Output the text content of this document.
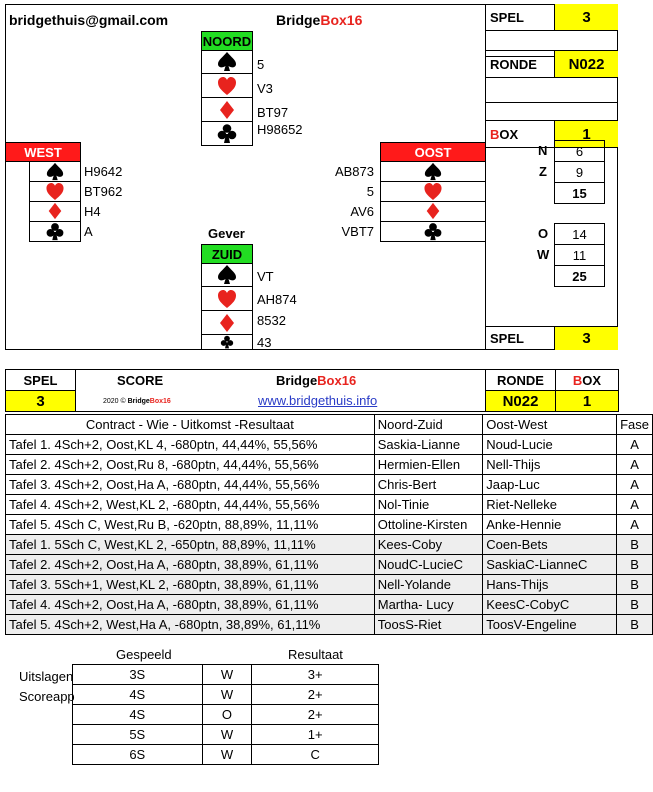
bridgethuis@gmail.com	BridgeBox16	SPEL	3
RONDE	N022
B OX	1
N	6
Z	9
15
O	14
W	11
25
SPEL	3
NOORD
5
V3
BT97
H98652
WEST
H9642
BT962
H4
A
OOST
AB873
5
AV6
VBT7
Gever
ZUID
VT
AH874
8532
43
SPEL
3
SCORE	BridgeBox16
2020 © BridgeBox16	www.bridgethuis.info
RONDE	B OX
N022	1
Contract - Wie - Uitkomst -Resultaat	Noord-Zuid	Oost-West	Fase
Tafel 1. 4Sch+2, Oost,KL 4, -680ptn, 44,44%, 55,56%	Saskia-Lianne	Noud-Lucie	A
Tafel 2. 4Sch+2, Oost,Ru 8, -680ptn, 44,44%, 55,56%	Hermien-Ellen	Nell-Thijs	A
Tafel 3. 4Sch+2, Oost,Ha A, -680ptn, 44,44%, 55,56%	Chris-Bert	Jaap-Luc	A
Tafel 4. 4Sch+2, West,KL 2, -680ptn, 44,44%, 55,56%	Nol-Tinie	Riet-Nelleke	A
Tafel 5. 4Sch C, West,Ru B, -620ptn, 88,89%, 11,11%	Ottoline-Kirsten	Anke-Hennie	A
Tafel 1. 5Sch C, West,KL 2, -650ptn, 88,89%, 11,11%	Kees-Coby	Coen-Bets	B
Tafel 2. 4Sch+2, Oost,Ha A, -680ptn, 38,89%, 61,11%	NoudC-LucieC	SaskiaC-LianneC	B
Tafel 3. 5Sch+1, West,KL 2, -680ptn, 38,89%, 61,11%	Nell-Yolande	Hans-Thijs	B
Tafel 4. 4Sch+2, Oost,Ha A, -680ptn, 38,89%, 61,11%	Martha- Lucy	KeesC-CobyC	B
Tafel 5. 4Sch+2, West,Ha A, -680ptn, 38,89%, 61,11%	ToosS-Riet	ToosV-Engeline	B
Uitslagen
Scoreapp
Gespeeld	Resultaat
3S	W	3+
4S	W	2+
4S	O	2+
5S	W	1+
6S	W	C
